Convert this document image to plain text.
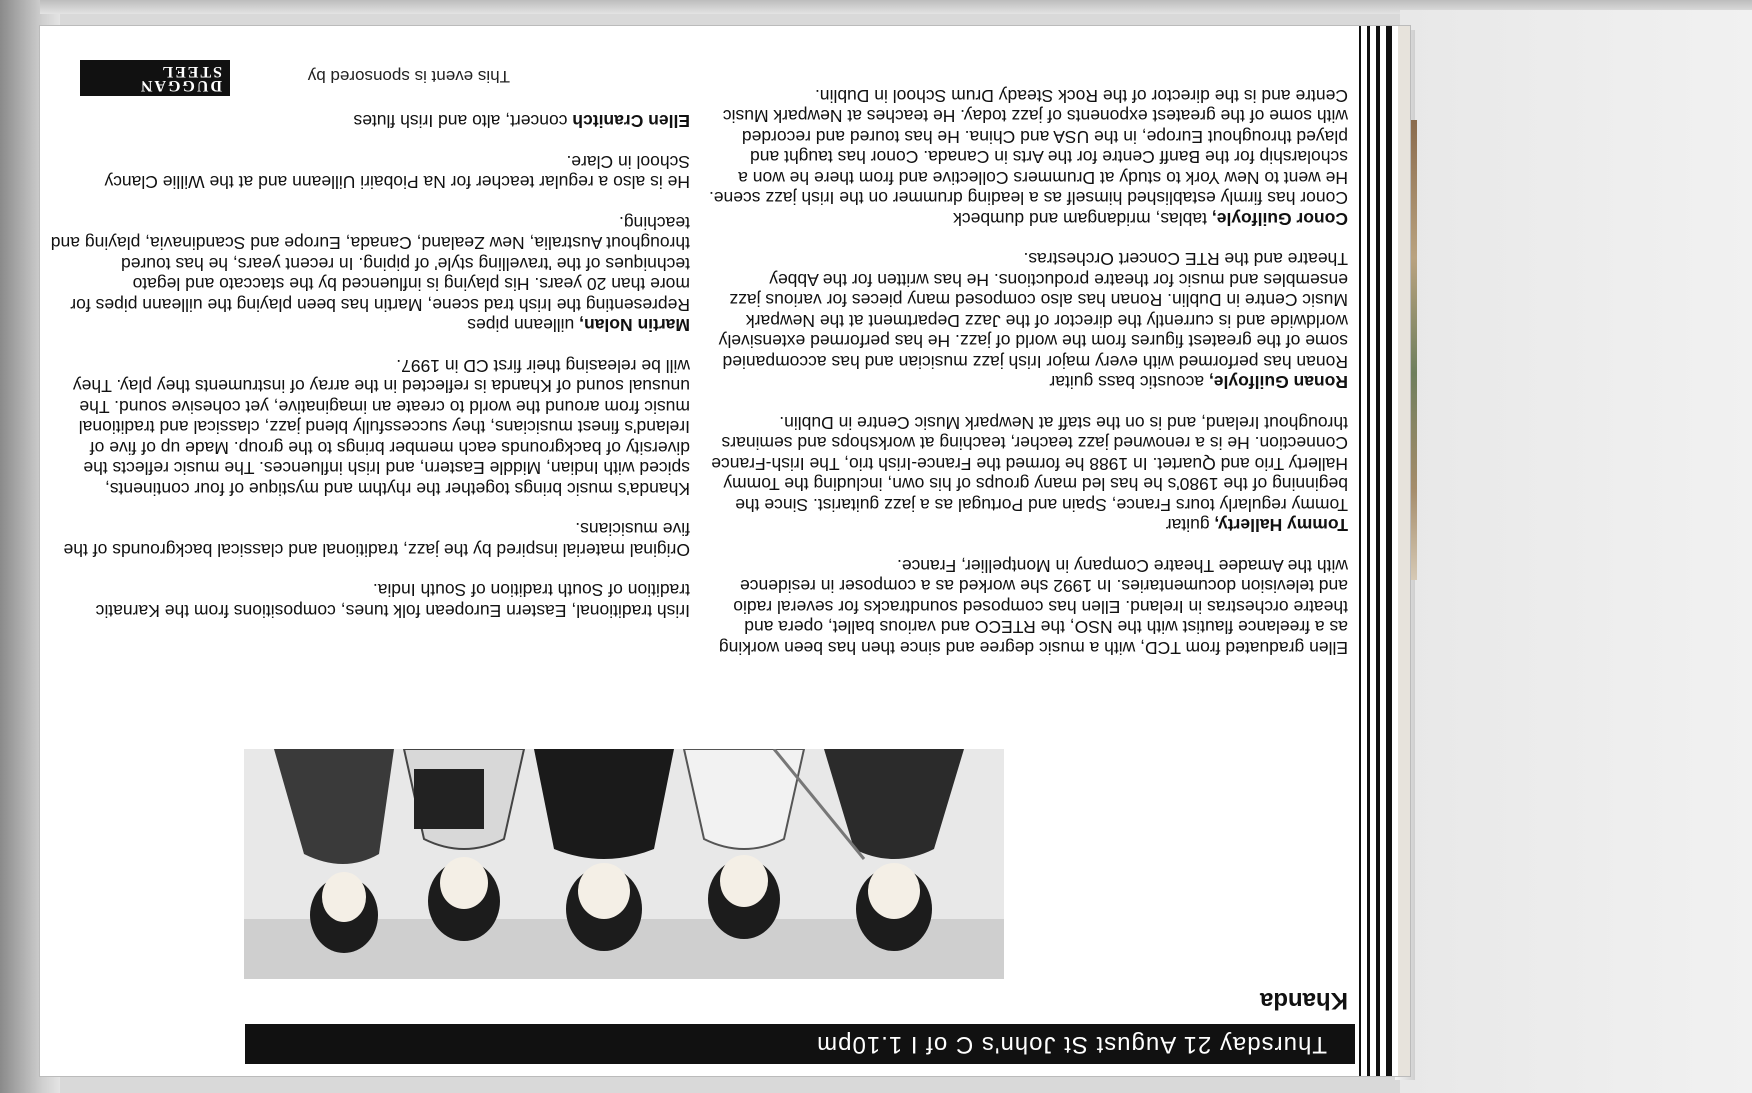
Thursday 21 August St John's C of I 1.10pm
Khanda

Ellen graduated from TCD, with a music degree and since then has been working as a freelance flautist with the NSO, the RTECO and various ballet, opera and theatre orchestras in Ireland. Ellen has composed soundtracks for several radio and television documentaries. In 1992 she worked as a composer in residence with the Amadee Theatre Company in Montpellier, France.

Tommy Hallerty, guitar
Tommy regularly tours France, Spain and Portugal as a jazz guitarist. Since the beginning of the 1980's he has led many groups of his own, including the Tommy Hallerty Trio and Quartet. In 1988 he formed the France-Irish trio, The Irish-France Connection. He is a renowned jazz teacher, teaching at workshops and seminars throughout Ireland, and is on the staff at Newpark Music Centre in Dublin.

Ronan Guilfoyle, acoustic bass guitar
Ronan has performed with every major Irish jazz musician and has accompanied some of the greatest figures from the world of jazz. He has performed extensively worldwide and is currently the director of the Jazz Department at the Newpark Music Centre in Dublin. Ronan has also composed many pieces for various jazz ensembles and music for theatre productions. He has written for the Abbey Theatre and the RTE Concert Orchestras.

Conor Guilfoyle, tablas, mridangam and dumbeck
Conor has firmly established himself as a leading drummer on the Irish jazz scene. He went to New York to study at Drummers Collective and from there he won a scholarship for the Banff Centre for the Arts in Canada. Conor has taught and played throughout Europe, in the USA and China. He has toured and recorded with some of the greatest exponents of jazz today. He teaches at Newpark Music Centre and is the director of the Rock Steady Drum School in Dublin.

Irish traditional, Eastern European folk tunes, compositions from the Karnatic tradition of South tradition of South India.

Original material inspired by the jazz, traditional and classical backgrounds of the five musicians.

Khanda's music brings together the rhythm and mystique of four continents, spiced with Indian, Middle Eastern, and Irish influences. The music reflects the diversity of backgrounds each member brings to the group. Made up of five of Ireland's finest musicians, they successfully blend jazz, classical and traditional music from around the world to create an imaginative, yet cohesive sound. The unusual sound of Khanda is reflected in the array of instruments they play. They will be releasing their first CD in 1997.

Martin Nolan, uilleann pipes
Representing the Irish trad scene, Martin has been playing the uilleann pipes for more than 20 years. His playing is influenced by the staccato and legato techniques of the 'travelling style' of piping. In recent years, he has toured throughout Australia, New Zealand, Canada, Europe and Scandinavia, playing and teaching.

He is also a regular teacher for Na Piobairi Uilleann and at the Willie Clancy School in Clare.

Ellen Cranitch concert, alto and Irish flutes

This event is sponsored by
DUGGAN
STEEL
